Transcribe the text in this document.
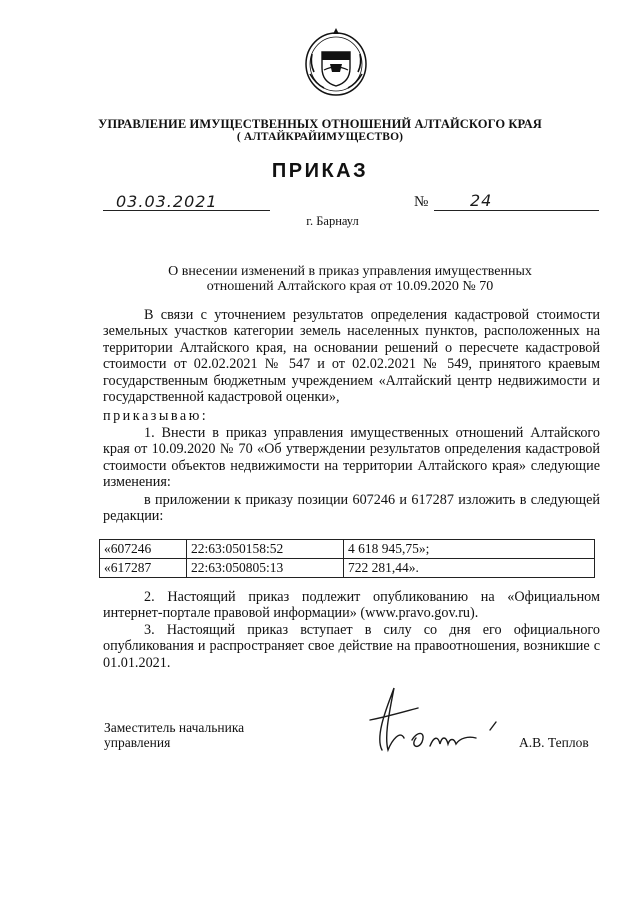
УПРАВЛЕНИЕ ИМУЩЕСТВЕННЫХ ОТНОШЕНИЙ АЛТАЙСКОГО КРАЯ
( АЛТАЙКРАЙИМУЩЕСТВО)
ПРИКАЗ
03.03.2021	№	24
г. Барнаул
О внесении изменений в приказ управления имущественных
отношений Алтайского края от 10.09.2020 № 70

В связи с уточнением результатов определения кадастровой стоимости земельных участков категории земель населенных пунктов, расположенных на территории Алтайского края, на основании решений о пересчете кадастровой стоимости от 02.02.2021 № 547 и от 02.02.2021 № 549, принятого краевым государственным бюджетным учреждением «Алтайский центр недвижимости и государственной кадастровой оценки»,

приказываю:

1. Внести в приказ управления имущественных отношений Алтайского края от 10.09.2020 № 70 «Об утверждении результатов определения кадастровой стоимости объектов недвижимости на территории Алтайского края» следующие изменения:

в приложении к приказу позиции 607246 и 617287 изложить в следующей редакции:

«607246	22:63:050158:52	4 618 945,75»;
«617287	22:63:050805:13	722 281,44».

2. Настоящий приказ подлежит опубликованию на «Официальном интернет-портале правовой информации» (www.pravo.gov.ru).

3. Настоящий приказ вступает в силу со дня его официального опубликования и распространяет свое действие на правоотношения, возникшие с 01.01.2021.

Заместитель начальника
управления	А.В. Теплов
